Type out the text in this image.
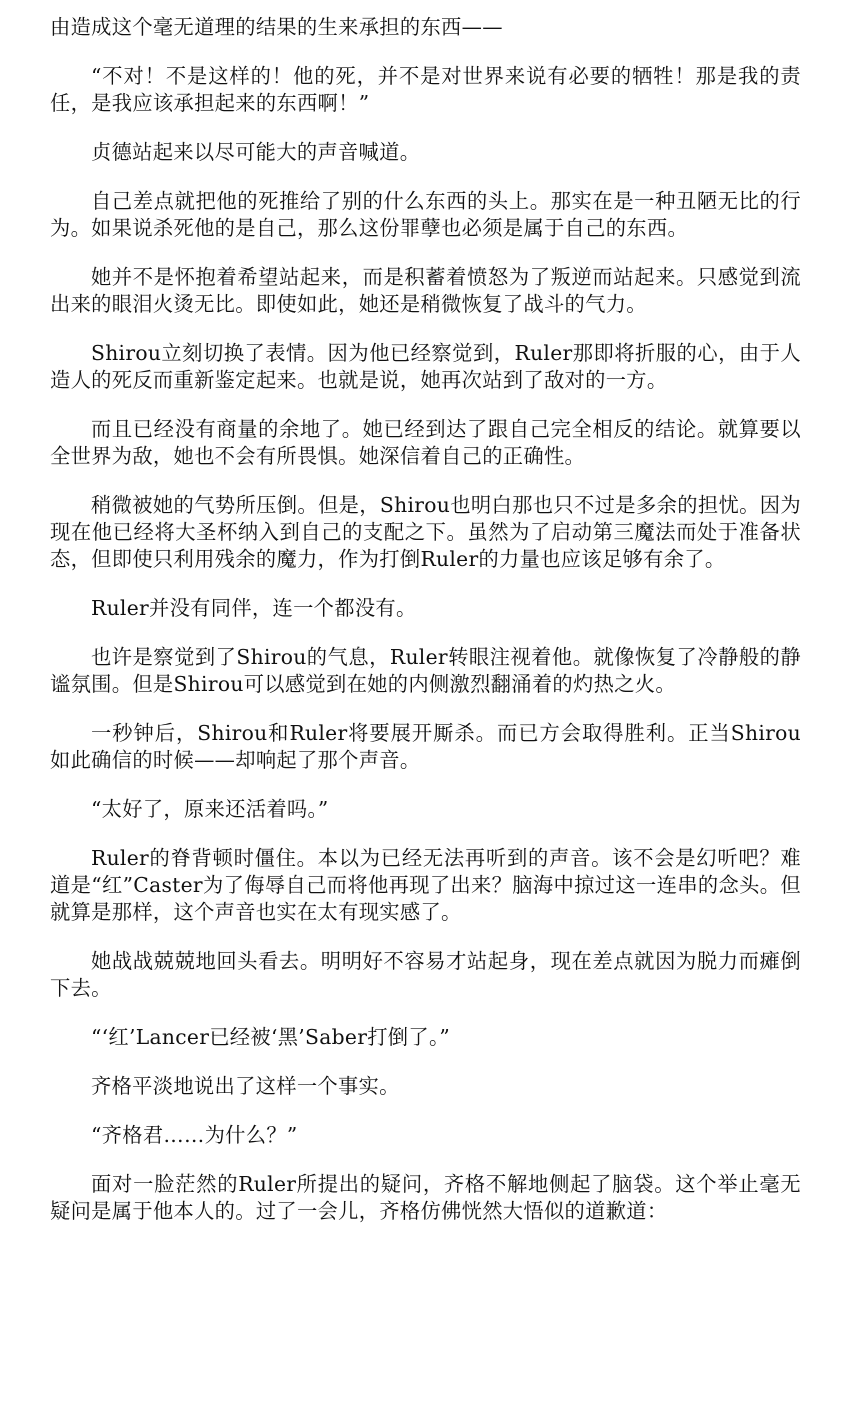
由造成这个毫无道理的结果的生来承担的东西——

“不对！不是这样的！他的死，并不是对世界来说有必要的牺牲！那是我的责任，是我应该承担起来的东西啊！”

贞德站起来以尽可能大的声音喊道。

自己差点就把他的死推给了别的什么东西的头上。那实在是一种丑陋无比的行为。如果说杀死他的是自己，那么这份罪孽也必须是属于自己的东西。

她并不是怀抱着希望站起来，而是积蓄着愤怒为了叛逆而站起来。只感觉到流出来的眼泪火烫无比。即使如此，她还是稍微恢复了战斗的气力。

Shirou立刻切换了表情。因为他已经察觉到，Ruler那即将折服的心，由于人造人的死反而重新鉴定起来。也就是说，她再次站到了敌对的一方。

而且已经没有商量的余地了。她已经到达了跟自己完全相反的结论。就算要以全世界为敌，她也不会有所畏惧。她深信着自己的正确性。

稍微被她的气势所压倒。但是，Shirou也明白那也只不过是多余的担忧。因为现在他已经将大圣杯纳入到自己的支配之下。虽然为了启动第三魔法而处于准备状态，但即使只利用残余的魔力，作为打倒Ruler的力量也应该足够有余了。

Ruler并没有同伴，连一个都没有。

也许是察觉到了Shirou的气息，Ruler转眼注视着他。就像恢复了冷静般的静谧氛围。但是Shirou可以感觉到在她的内侧激烈翻涌着的灼热之火。

一秒钟后，Shirou和Ruler将要展开厮杀。而已方会取得胜利。正当Shirou如此确信的时候——却响起了那个声音。

“太好了，原来还活着吗。”

Ruler的脊背顿时僵住。本以为已经无法再听到的声音。该不会是幻听吧？难道是“红”Caster为了侮辱自己而将他再现了出来？脑海中掠过这一连串的念头。但就算是那样，这个声音也实在太有现实感了。

她战战兢兢地回头看去。明明好不容易才站起身，现在差点就因为脱力而瘫倒下去。

“‘红’Lancer已经被‘黑’Saber打倒了。”

齐格平淡地说出了这样一个事实。

“齐格君……为什么？”

面对一脸茫然的Ruler所提出的疑问，齐格不解地侧起了脑袋。这个举止毫无疑问是属于他本人的。过了一会儿，齐格仿佛恍然大悟似的道歉道：
